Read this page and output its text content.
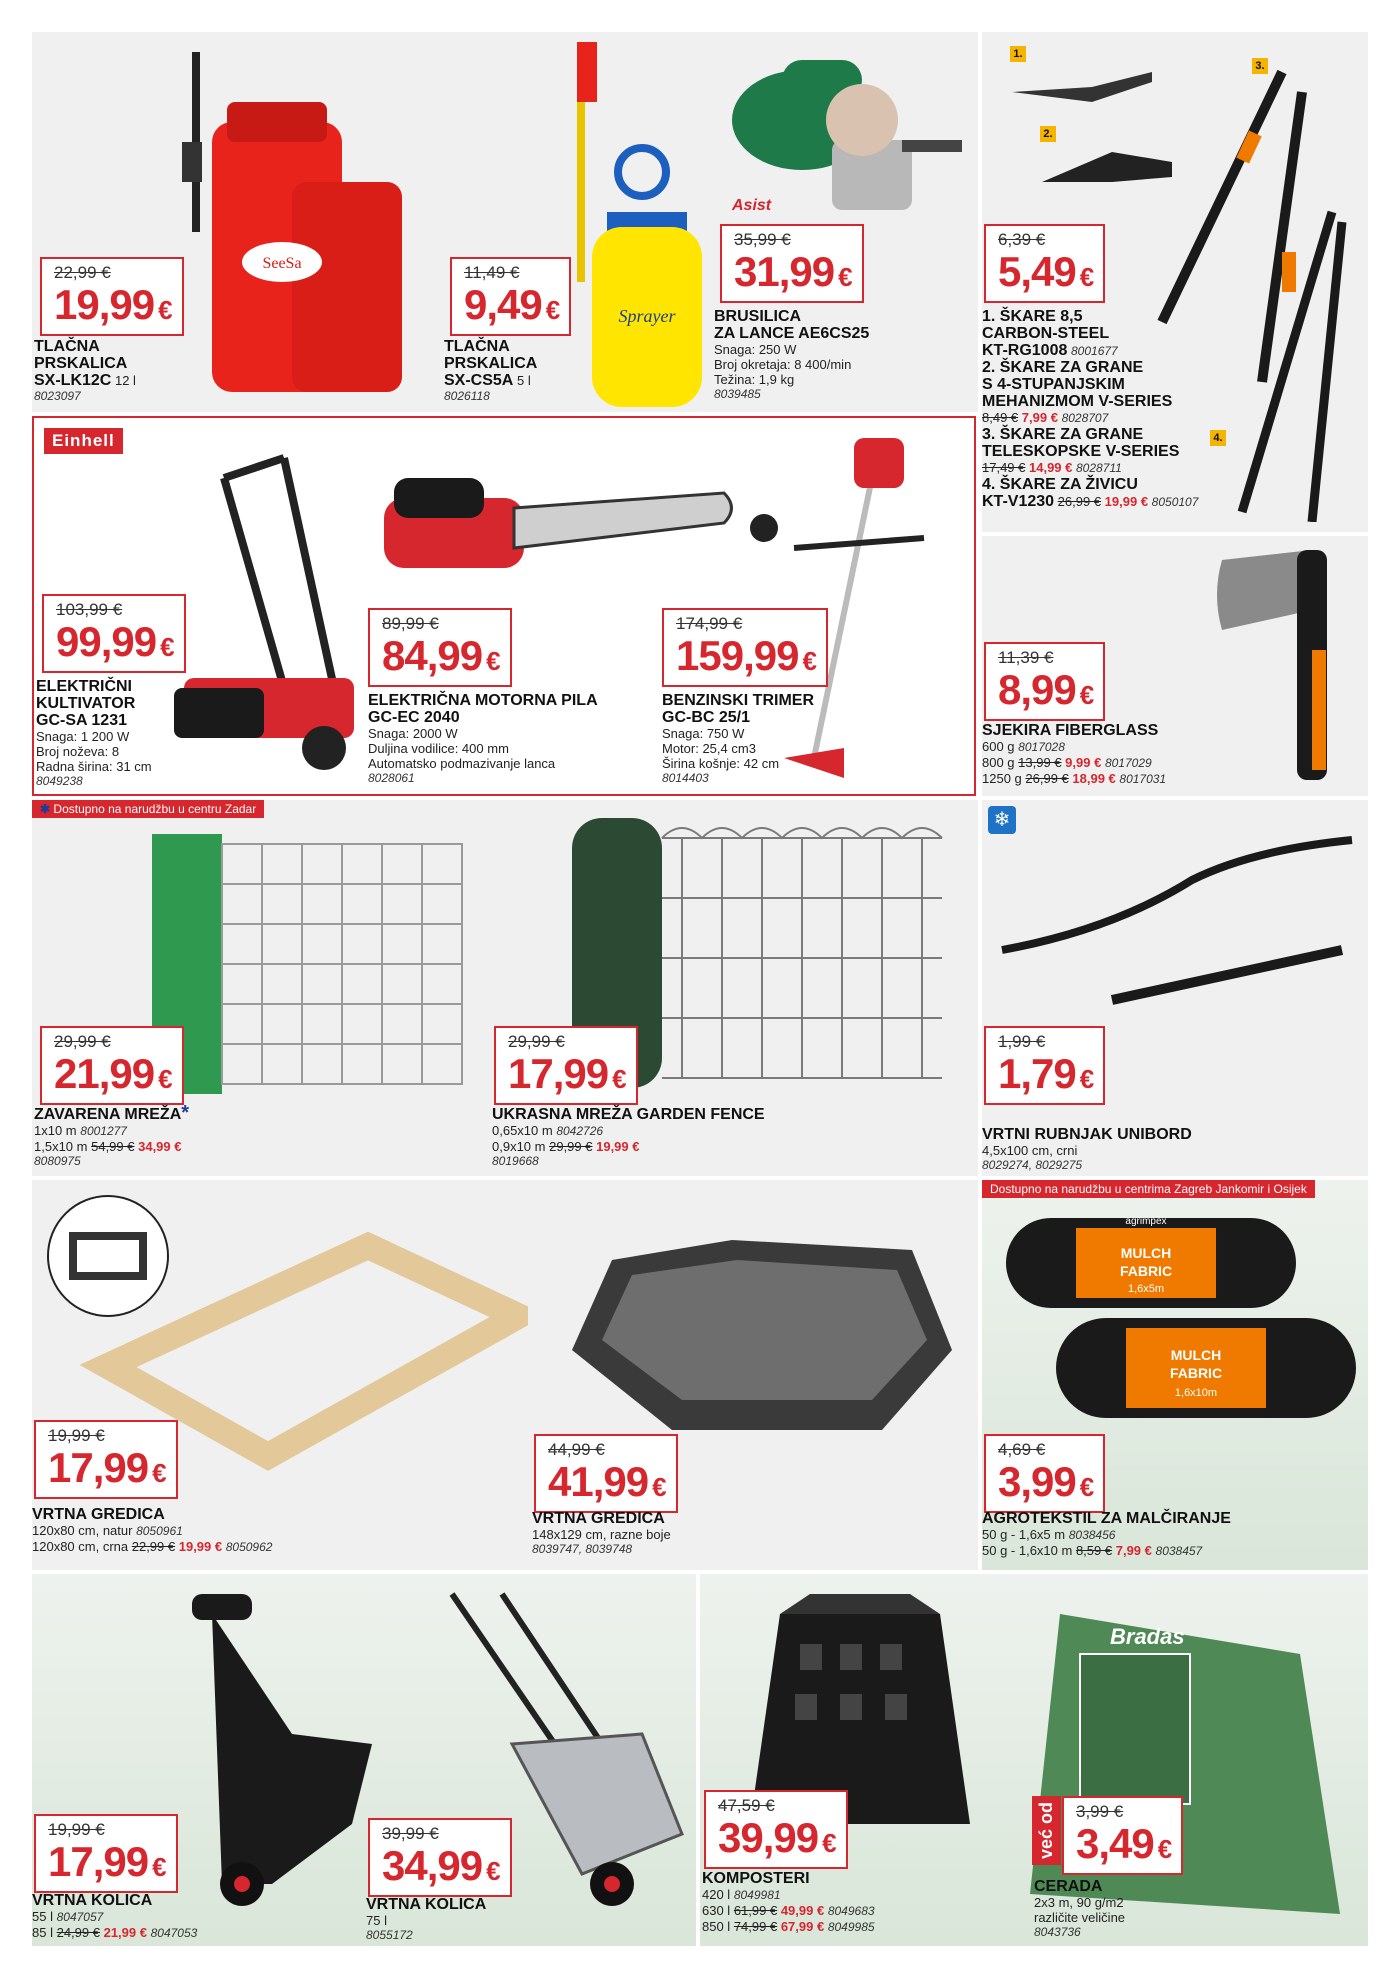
SeeSa
22,99 €
19,99 €
TLAČNA
PRSKALICA
SX-LK12C 12 l
8023097
Sprayer
11,49 €
9,49 €
TLAČNA
PRSKALICA
SX-CS5A 5 l
8026118
Asist
35,99 €
31,99 €
BRUSILICA
ZA LANCE AE6CS25
Snaga: 250 W
Broj okretaja: 8 400/min
Težina: 1,9 kg
8039485
1.
2.
3.
4.
6,39 €
5,49 €
1. ŠKARE 8,5
CARBON-STEEL
KT-RG1008 8001677
2. ŠKARE ZA GRANE
S 4-STUPANJSKIM
MEHANIZMOM V-SERIES
8,49 € 7,99 € 8028707
3. ŠKARE ZA GRANE
TELESKOPSKE V-SERIES
17,49 € 14,99 € 8028711
4. ŠKARE ZA ŽIVICU
KT-V1230 26,99 € 19,99 € 8050107
Einhell
103,99 €
99,99 €
ELEKTRIČNI
KULTIVATOR
GC-SA 1231
Snaga: 1 200 W
Broj noževa: 8
Radna širina: 31 cm
8049238
89,99 €
84,99 €
ELEKTRIČNA MOTORNA PILA
GC-EC 2040
Snaga: 2000 W
Duljina vodilice: 400 mm
Automatsko podmazivanje lanca
8028061
174,99 €
159,99 €
BENZINSKI TRIMER
GC-BC 25/1
Snaga: 750 W
Motor: 25,4 cm3
Širina košnje: 42 cm
8014403
11,39 €
8,99 €
SJEKIRA FIBERGLASS
600 g 8017028
800 g 13,99 € 9,99 € 8017029
1250 g 26,99 € 18,99 € 8017031
✱ Dostupno na narudžbu u centru Zadar
29,99 €
21,99 €
ZAVARENA MREŽA*
1x10 m 8001277
1,5x10 m 54,99 € 34,99 €
8080975
29,99 €
17,99 €
UKRASNA MREŽA GARDEN FENCE
0,65x10 m 8042726
0,9x10 m 29,99 € 19,99 €
8019668
❄
1,99 €
1,79 €
VRTNI RUBNJAK UNIBORD
4,5x100 cm, crni
8029274, 8029275
19,99 €
17,99 €
VRTNA GREDICA
120x80 cm, natur 8050961
120x80 cm, crna 22,99 € 19,99 € 8050962
44,99 €
41,99 €
VRTNA GREDICA
148x129 cm, razne boje
8039747, 8039748
Dostupno na narudžbu u centrima Zagreb Jankomir i Osijek
MULCH
FABRIC
1,6x5m
agrimpex
MULCH
FABRIC
1,6x10m
4,69 €
3,99 €
AGROTEKSTIL ZA MALČIRANJE
50 g - 1,6x5 m 8038456
50 g - 1,6x10 m 8,59 € 7,99 € 8038457
19,99 €
17,99 €
VRTNA KOLICA
55 l 8047057
85 l 24,99 € 21,99 € 8047053
39,99 €
34,99 €
VRTNA KOLICA
75 l
8055172
Bradas
47,59 €
39,99 €
KOMPOSTERI
420 l 8049981
630 l 61,99 € 49,99 € 8049683
850 l 74,99 € 67,99 € 8049985
već od 3,99 €
3,49 €
CERADA
2x3 m, 90 g/m2
različite veličine
8043736
